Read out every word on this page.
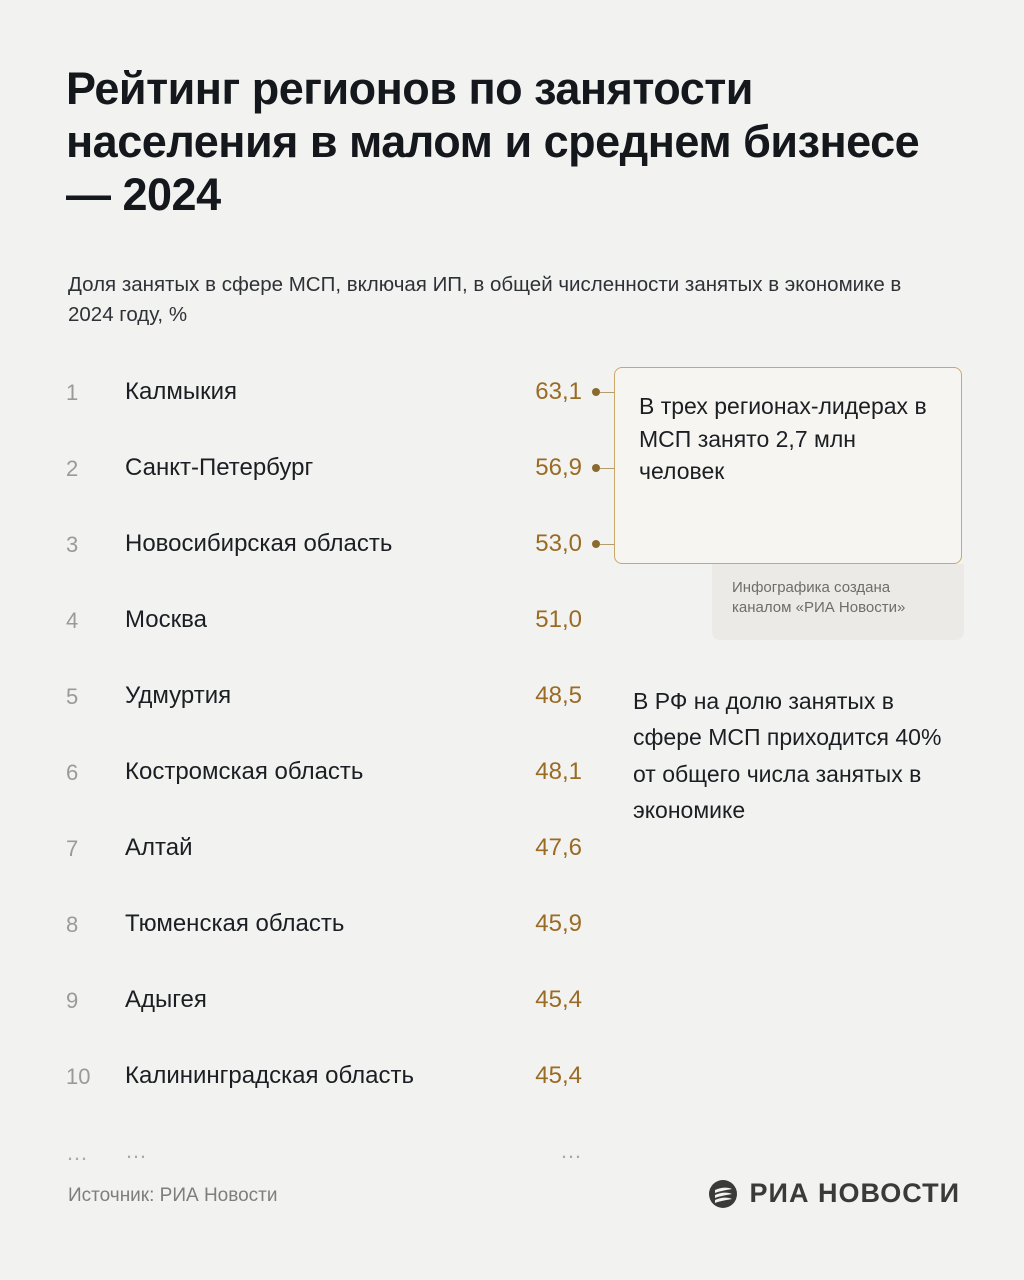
Рейтинг регионов по занятости населения в малом и среднем бизнесе — 2024
Доля занятых в сфере МСП, включая ИП, в общей численности занятых в экономике в 2024 году, %
1	Калмыкия	63,1
2	Санкт-Петербург	56,9
3	Новосибирская область	53,0
4	Москва	51,0
5	Удмуртия	48,5
6	Костромская область	48,1
7	Алтай	47,6
8	Тюменская область	45,9
9	Адыгея	45,4
10	Калининградская область	45,4
…	…	…
В трех регионах-лидерах в МСП занято 2,7 млн человек
Инфографика создана каналом «РИА Новости»
В РФ на долю занятых в сфере МСП приходится 40% от общего числа занятых в экономике
Источник: РИА Новости	РИА НОВОСТИ
